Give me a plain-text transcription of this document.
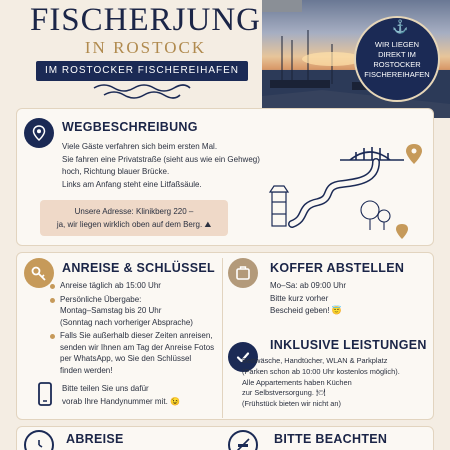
FISCHERJUNG
IN ROSTOCK
IM ROSTOCKER FISCHEREIHAFEN
⚓
WIR LIEGEN
DIREKT IM
ROSTOCKER
FISCHEREIHAFEN
WEGBESCHREIBUNG

Viele Gäste verfahren sich beim ersten Mal.

Sie fahren eine Privatstraße (sieht aus wie ein Gehweg)

hoch, Richtung blauer Brücke.

Links am Anfang steht eine Litfaßsäule.

Unsere Adresse: Klinikberg 220 –
ja, wir liegen wirklich oben auf dem Berg. ⛰
ANREISE & SCHLÜSSEL
Anreise täglich ab 15:00 Uhr
Persönliche Übergabe:
Montag–Samstag bis 20 Uhr
(Sonntag nach vorheriger Absprache)
Falls Sie außerhalb dieser Zeiten anreisen,
senden wir Ihnen am Tag der Anreise Fotos
per WhatsApp, wo Sie den Schlüssel
finden werden!

Bitte teilen Sie uns dafür

vorab Ihre Handynummer mit. 😉

KOFFER ABSTELLEN

Mo–Sa: ab 09:00 Uhr

Bitte kurz vorher

Bescheid geben! 😇

INKLUSIVE LEISTUNGEN

Bettwäsche, Handtücher, WLAN & Parkplatz

(Parken schon ab 10:00 Uhr kostenlos möglich).

Alle Appartements haben Küchen

zur Selbstversorgung. 🍽

(Frühstück bieten wir nicht an)

ABREISE	BITTE BEACHTEN
